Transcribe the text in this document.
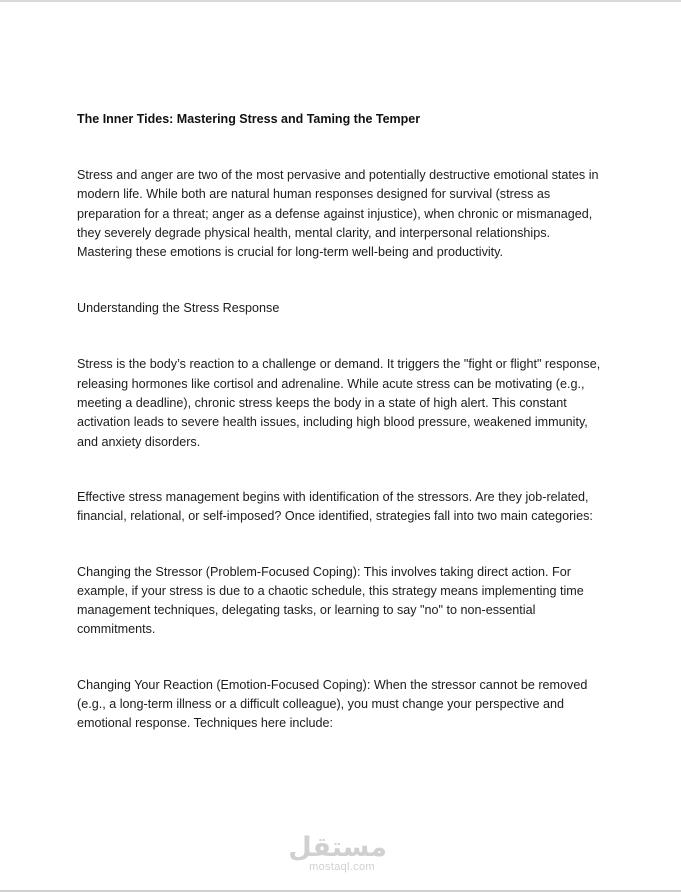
The Inner Tides: Mastering Stress and Taming the Temper

Stress and anger are two of the most pervasive and potentially destructive emotional states in modern life. While both are natural human responses designed for survival (stress as preparation for a threat; anger as a defense against injustice), when chronic or mismanaged, they severely degrade physical health, mental clarity, and interpersonal relationships. Mastering these emotions is crucial for long-term well-being and productivity.

Understanding the Stress Response

Stress is the body’s reaction to a challenge or demand. It triggers the "fight or flight" response, releasing hormones like cortisol and adrenaline. While acute stress can be motivating (e.g., meeting a deadline), chronic stress keeps the body in a state of high alert. This constant activation leads to severe health issues, including high blood pressure, weakened immunity, and anxiety disorders.

Effective stress management begins with identification of the stressors. Are they job-related, financial, relational, or self-imposed? Once identified, strategies fall into two main categories:

Changing the Stressor (Problem-Focused Coping): This involves taking direct action. For example, if your stress is due to a chaotic schedule, this strategy means implementing time management techniques, delegating tasks, or learning to say "no" to non-essential commitments.

Changing Your Reaction (Emotion-Focused Coping): When the stressor cannot be removed (e.g., a long-term illness or a difficult colleague), you must change your perspective and emotional response. Techniques here include:

مستقل
mostaql.com
